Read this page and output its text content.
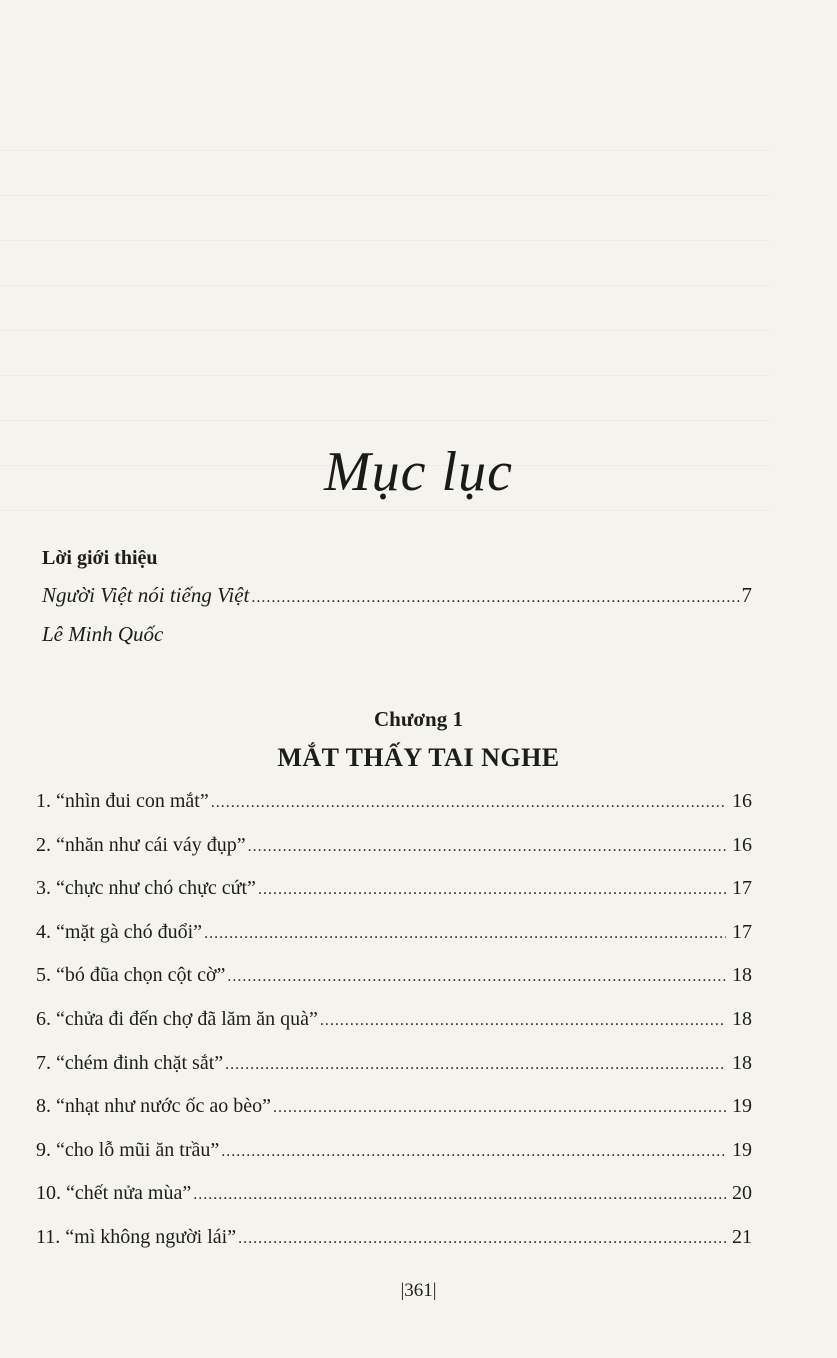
Mục lục
Lời giới thiệu
Người Việt nói tiếng Việt .....	7
Lê Minh Quốc
Chương 1
MẮT THẤY TAI NGHE
1. “nhìn đui con mắt” .....	16
2. “nhăn như cái váy đụp” .....	16
3. “chực như chó chực cứt” .....	17
4. “mặt gà chó đuổi” .....	17
5. “bó đũa chọn cột cờ” .....	18
6. “chửa đi đến chợ đã lăm ăn quà” .....	18
7. “chém đinh chặt sắt” .....	18
8. “nhạt như nước ốc ao bèo” .....	19
9. “cho lỗ mũi ăn trầu” .....	19
10. “chết nửa mùa” .....	20
11. “mì không người lái” .....	21
|361|
